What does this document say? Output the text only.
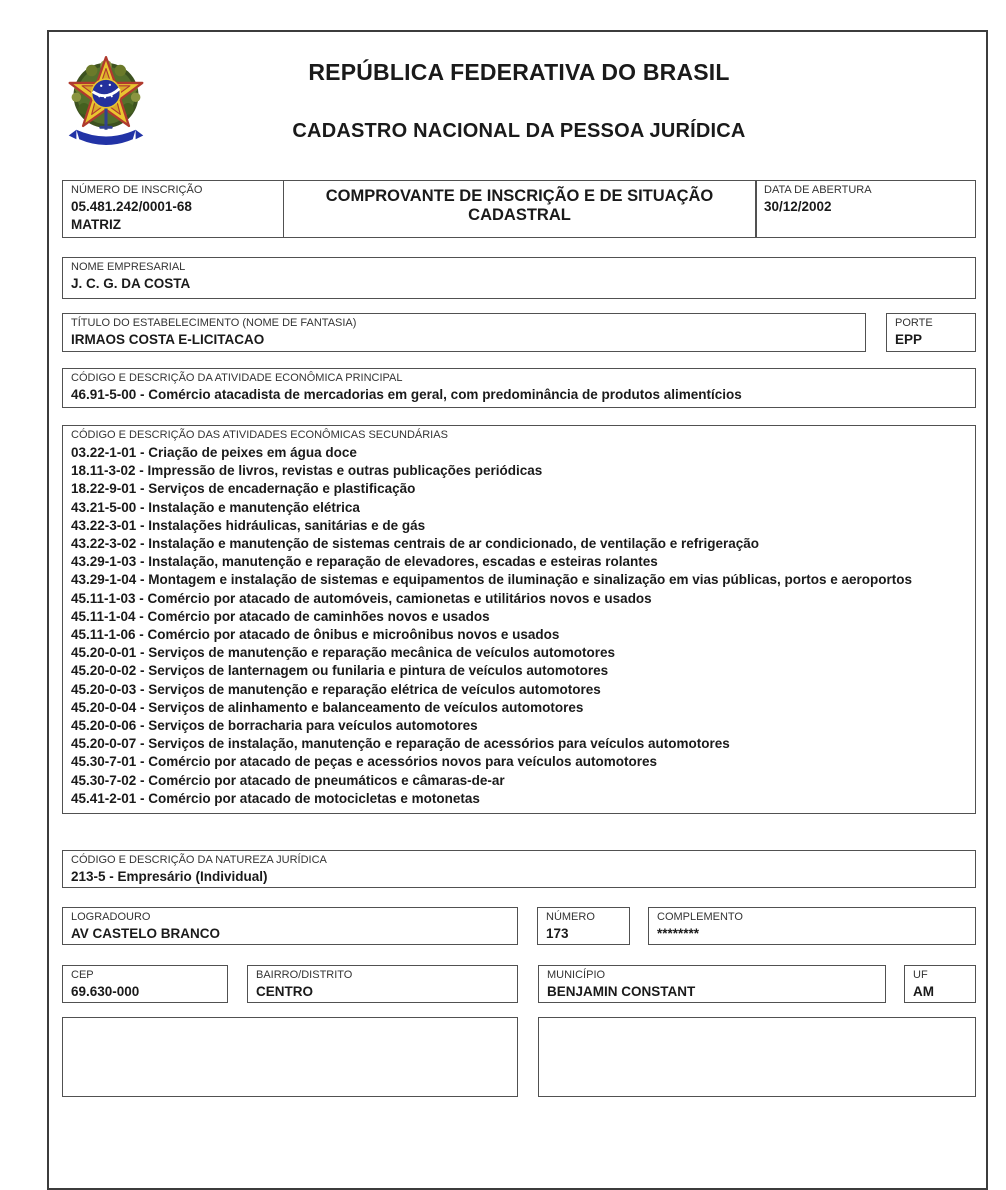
REPÚBLICA FEDERATIVA DO BRASIL
CADASTRO NACIONAL DA PESSOA JURÍDICA
NÚMERO DE INSCRIÇÃO
05.481.242/0001-68
MATRIZ
COMPROVANTE DE INSCRIÇÃO E DE SITUAÇÃO CADASTRAL
DATA DE ABERTURA
30/12/2002
NOME EMPRESARIAL
J. C. G. DA COSTA
TÍTULO DO ESTABELECIMENTO (NOME DE FANTASIA)
IRMAOS COSTA E-LICITACAO
PORTE
EPP
CÓDIGO E DESCRIÇÃO DA ATIVIDADE ECONÔMICA PRINCIPAL
46.91-5-00 - Comércio atacadista de mercadorias em geral, com predominância de produtos alimentícios
CÓDIGO E DESCRIÇÃO DAS ATIVIDADES ECONÔMICAS SECUNDÁRIAS
03.22-1-01 - Criação de peixes em água doce
18.11-3-02 - Impressão de livros, revistas e outras publicações periódicas
18.22-9-01 - Serviços de encadernação e plastificação
43.21-5-00 - Instalação e manutenção elétrica
43.22-3-01 - Instalações hidráulicas, sanitárias e de gás
43.22-3-02 - Instalação e manutenção de sistemas centrais de ar condicionado, de ventilação e refrigeração
43.29-1-03 - Instalação, manutenção e reparação de elevadores, escadas e esteiras rolantes
43.29-1-04 - Montagem e instalação de sistemas e equipamentos de iluminação e sinalização em vias públicas, portos e aeroportos
45.11-1-03 - Comércio por atacado de automóveis, camionetas e utilitários novos e usados
45.11-1-04 - Comércio por atacado de caminhões novos e usados
45.11-1-06 - Comércio por atacado de ônibus e microônibus novos e usados
45.20-0-01 - Serviços de manutenção e reparação mecânica de veículos automotores
45.20-0-02 - Serviços de lanternagem ou funilaria e pintura de veículos automotores
45.20-0-03 - Serviços de manutenção e reparação elétrica de veículos automotores
45.20-0-04 - Serviços de alinhamento e balanceamento de veículos automotores
45.20-0-06 - Serviços de borracharia para veículos automotores
45.20-0-07 - Serviços de instalação, manutenção e reparação de acessórios para veículos automotores
45.30-7-01 - Comércio por atacado de peças e acessórios novos para veículos automotores
45.30-7-02 - Comércio por atacado de pneumáticos e câmaras-de-ar
45.41-2-01 - Comércio por atacado de motocicletas e motonetas
CÓDIGO E DESCRIÇÃO DA NATUREZA JURÍDICA
213-5 - Empresário (Individual)
LOGRADOURO
AV CASTELO BRANCO
NÚMERO
173
COMPLEMENTO
********
CEP
69.630-000
BAIRRO/DISTRITO
CENTRO
MUNICÍPIO
BENJAMIN CONSTANT
UF
AM
